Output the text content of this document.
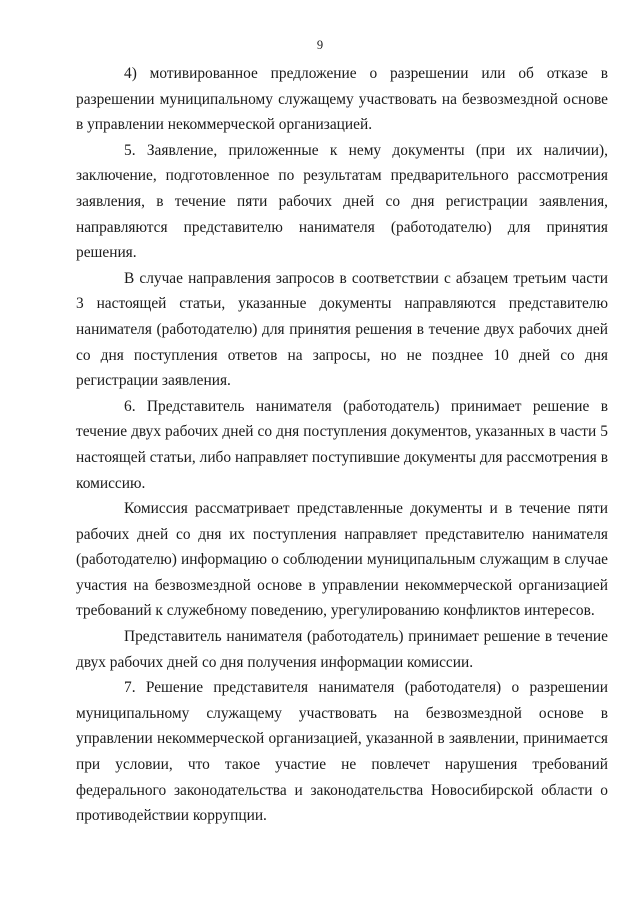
9

4) мотивированное предложение о разрешении или об отказе в разрешении муниципальному служащему участвовать на безвозмездной основе в управлении некоммерческой организацией.

5. Заявление, приложенные к нему документы (при их наличии), заключение, подготовленное по результатам предварительного рассмотрения заявления, в течение пяти рабочих дней со дня регистрации заявления, направляются представителю нанимателя (работодателю) для принятия решения.

В случае направления запросов в соответствии с абзацем третьим части 3 настоящей статьи, указанные документы направляются представителю нанимателя (работодателю) для принятия решения в течение двух рабочих дней со дня поступления ответов на запросы, но не позднее 10 дней со дня регистрации заявления.

6. Представитель нанимателя (работодатель) принимает решение в течение двух рабочих дней со дня поступления документов, указанных в части 5 настоящей статьи, либо направляет поступившие документы для рассмотрения в комиссию.

Комиссия рассматривает представленные документы и в течение пяти рабочих дней со дня их поступления направляет представителю нанимателя (работодателю) информацию о соблюдении муниципальным служащим в случае участия на безвозмездной основе в управлении некоммерческой организацией требований к служебному поведению, урегулированию конфликтов интересов.

Представитель нанимателя (работодатель) принимает решение в течение двух рабочих дней со дня получения информации комиссии.

7. Решение представителя нанимателя (работодателя) о разрешении муниципальному служащему участвовать на безвозмездной основе в управлении некоммерческой организацией, указанной в заявлении, принимается при условии, что такое участие не повлечет нарушения требований федерального законодательства и законодательства Новосибирской области о противодействии коррупции.
